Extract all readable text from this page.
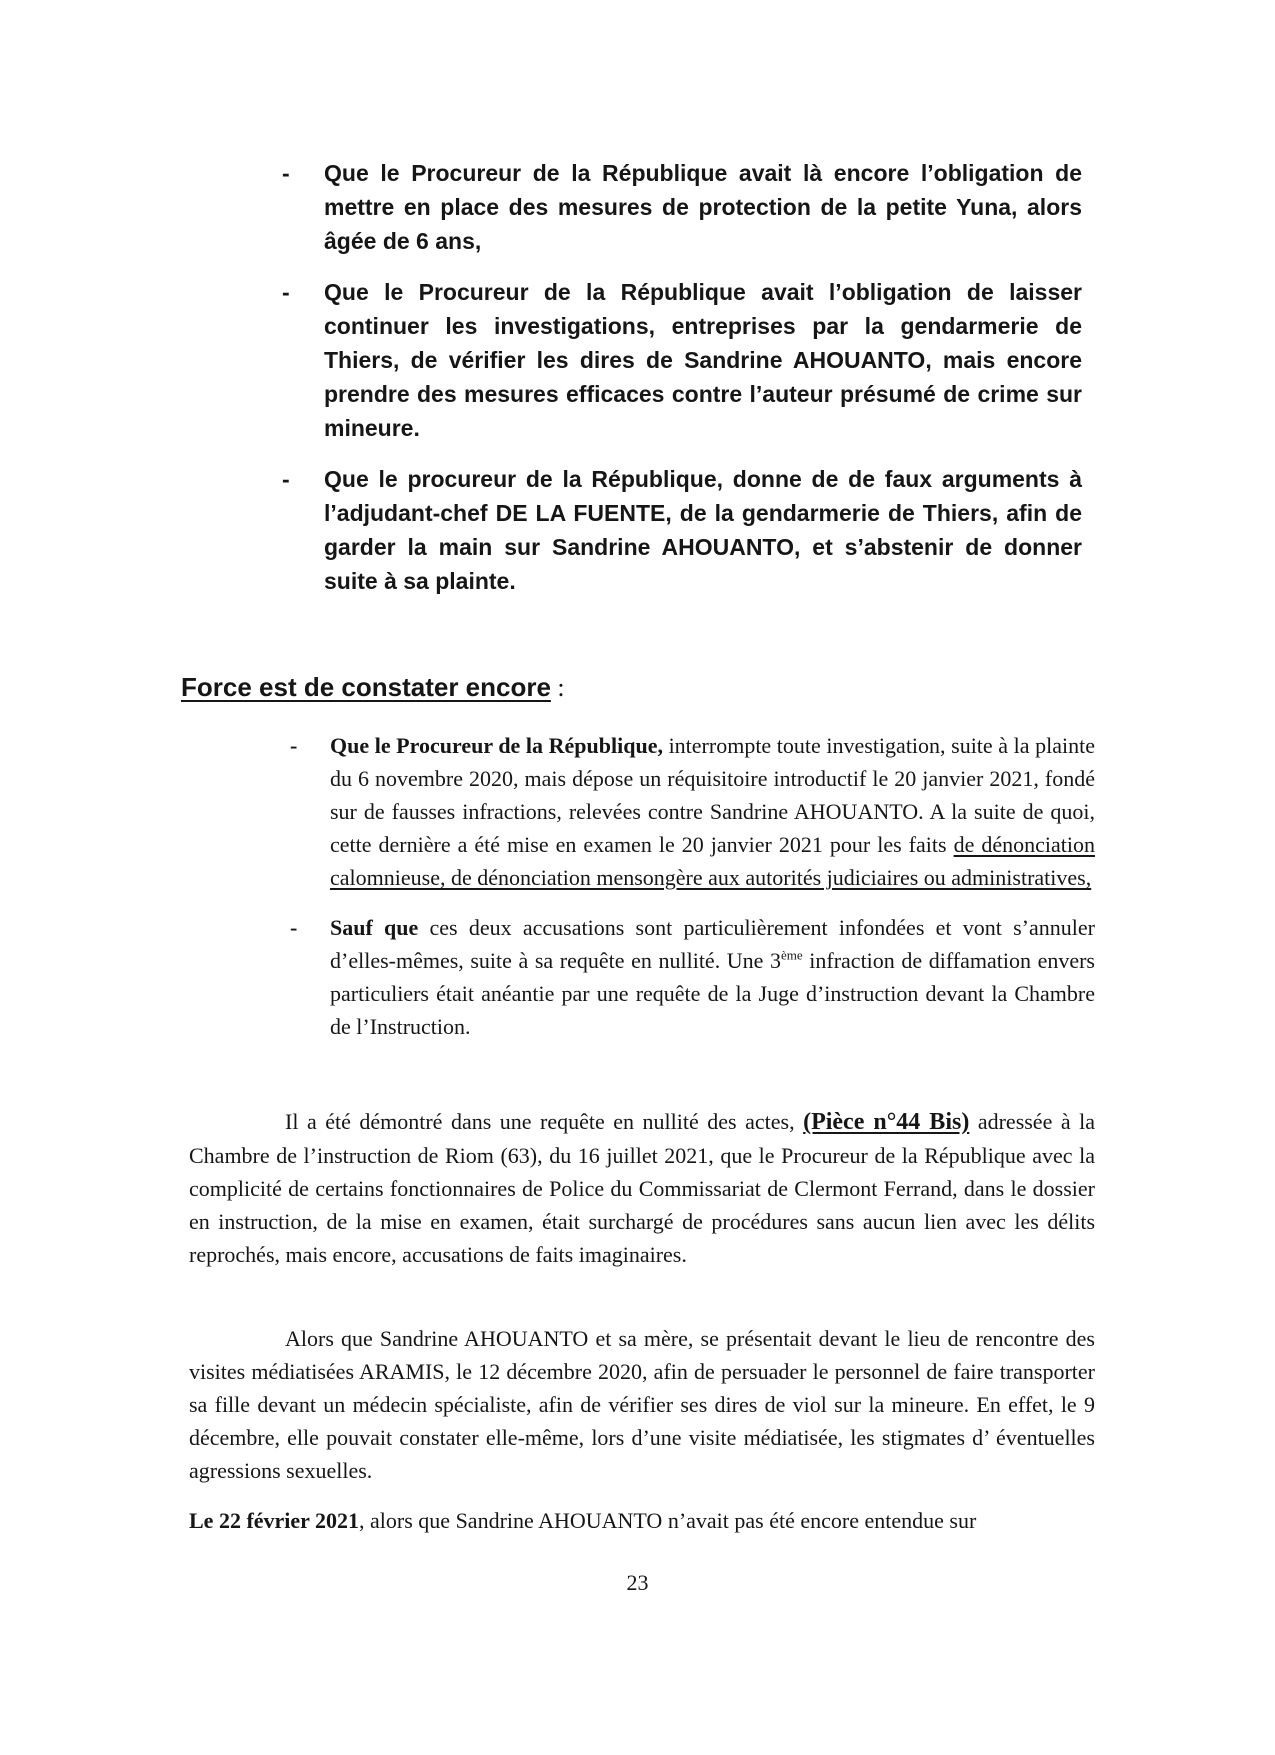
- Que le Procureur de la République avait là encore l’obligation de mettre en place des mesures de protection de la petite Yuna, alors âgée de 6 ans,
- Que le Procureur de la République avait l’obligation de laisser continuer les investigations, entreprises par la gendarmerie de Thiers, de vérifier les dires de Sandrine AHOUANTO, mais encore prendre des mesures efficaces contre l’auteur présumé de crime sur mineure.
- Que le procureur de la République, donne de de faux arguments à l’adjudant-chef DE LA FUENTE, de la gendarmerie de Thiers, afin de garder la main sur Sandrine AHOUANTO, et s’abstenir de donner suite à sa plainte.
Force est de constater encore :
- Que le Procureur de la République, interrompte toute investigation, suite à la plainte du 6 novembre 2020, mais dépose un réquisitoire introductif le 20 janvier 2021, fondé sur de fausses infractions, relevées contre Sandrine AHOUANTO. A la suite de quoi, cette dernière a été mise en examen le 20 janvier 2021 pour les faits de dénonciation calomnieuse, de dénonciation mensongère aux autorités judiciaires ou administratives,
- Sauf que ces deux accusations sont particulièrement infondées et vont s’annuler d’elles-mêmes, suite à sa requête en nullité. Une 3ème infraction de diffamation envers particuliers était anéantie par une requête de la Juge d’instruction devant la Chambre de l’Instruction.
Il a été démontré dans une requête en nullité des actes, (Pièce n°44 Bis) adressée à la Chambre de l’instruction de Riom (63), du 16 juillet 2021, que le Procureur de la République avec la complicité de certains fonctionnaires de Police du Commissariat de Clermont Ferrand, dans le dossier en instruction, de la mise en examen, était surchargé de procédures sans aucun lien avec les délits reprochés, mais encore, accusations de faits imaginaires.
Alors que Sandrine AHOUANTO et sa mère, se présentait devant le lieu de rencontre des visites médiatisées ARAMIS, le 12 décembre 2020, afin de persuader le personnel de faire transporter sa fille devant un médecin spécialiste, afin de vérifier ses dires de viol sur la mineure. En effet, le 9 décembre, elle pouvait constater elle-même, lors d’une visite médiatisée, les stigmates d’ éventuelles agressions sexuelles.
Le 22 février 2021, alors que Sandrine AHOUANTO n’avait pas été encore entendue sur
23
